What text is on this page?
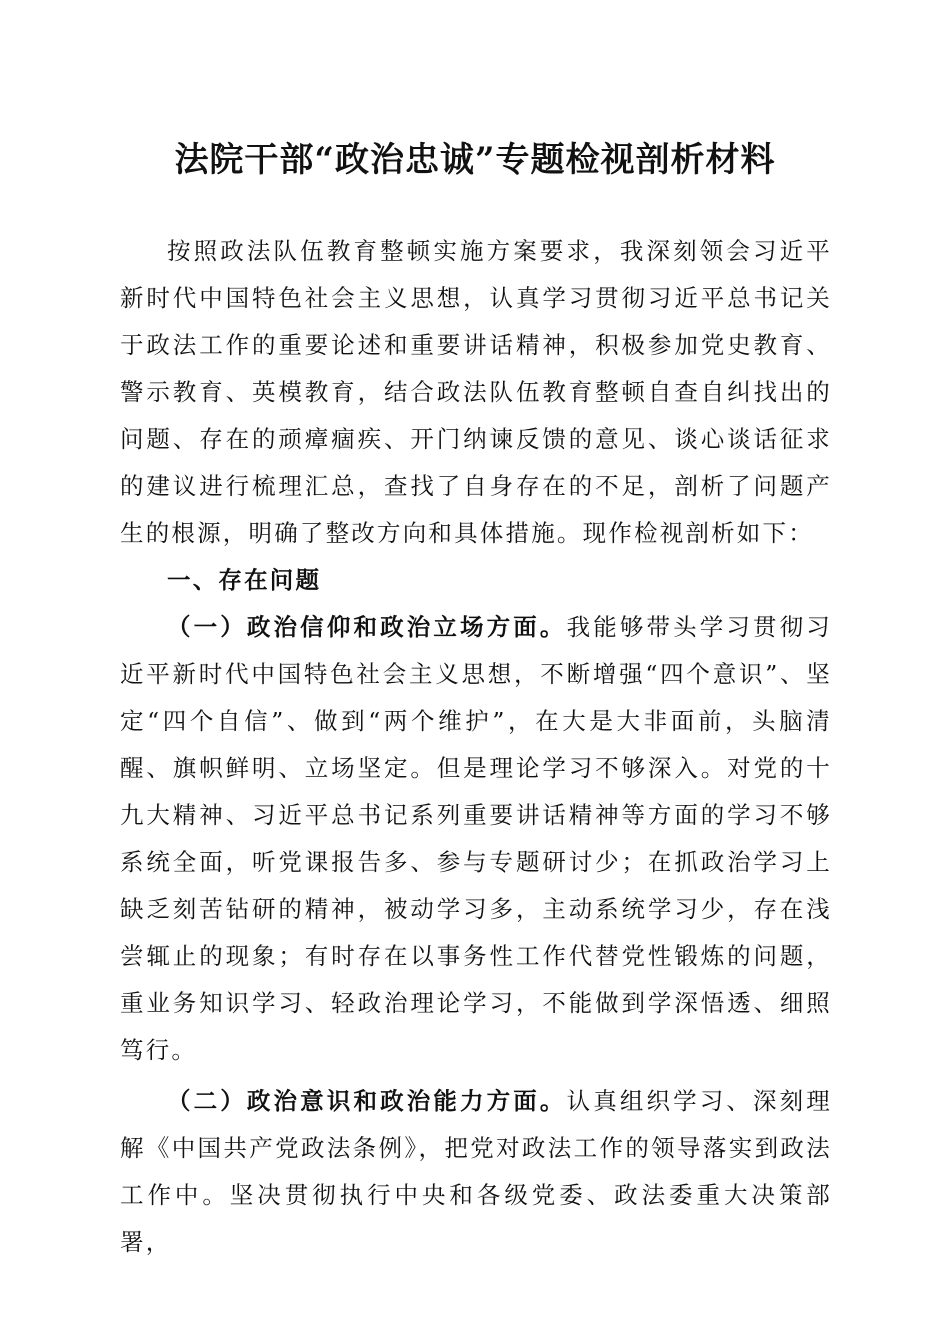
法院干部“政治忠诚”专题检视剖析材料

按照政法队伍教育整顿实施方案要求，我深刻领会习近平新时代中国特色社会主义思想，认真学习贯彻习近平总书记关于政法工作的重要论述和重要讲话精神，积极参加党史教育、警示教育、英模教育，结合政法队伍教育整顿自查自纠找出的问题、存在的顽瘴痼疾、开门纳谏反馈的意见、谈心谈话征求的建议进行梳理汇总，查找了自身存在的不足，剖析了问题产生的根源，明确了整改方向和具体措施。现作检视剖析如下：

一、存在问题

（一）政治信仰和政治立场方面。我能够带头学习贯彻习近平新时代中国特色社会主义思想，不断增强“四个意识”、坚定“四个自信”、做到“两个维护”，在大是大非面前，头脑清醒、旗帜鲜明、立场坚定。但是理论学习不够深入。对党的十九大精神、习近平总书记系列重要讲话精神等方面的学习不够系统全面，听党课报告多、参与专题研讨少；在抓政治学习上缺乏刻苦钻研的精神，被动学习多，主动系统学习少，存在浅尝辄止的现象；有时存在以事务性工作代替党性锻炼的问题，重业务知识学习、轻政治理论学习，不能做到学深悟透、细照笃行。

（二）政治意识和政治能力方面。认真组织学习、深刻理解《中国共产党政法条例》，把党对政法工作的领导落实到政法工作中。坚决贯彻执行中央和各级党委、政法委重大决策部署，
